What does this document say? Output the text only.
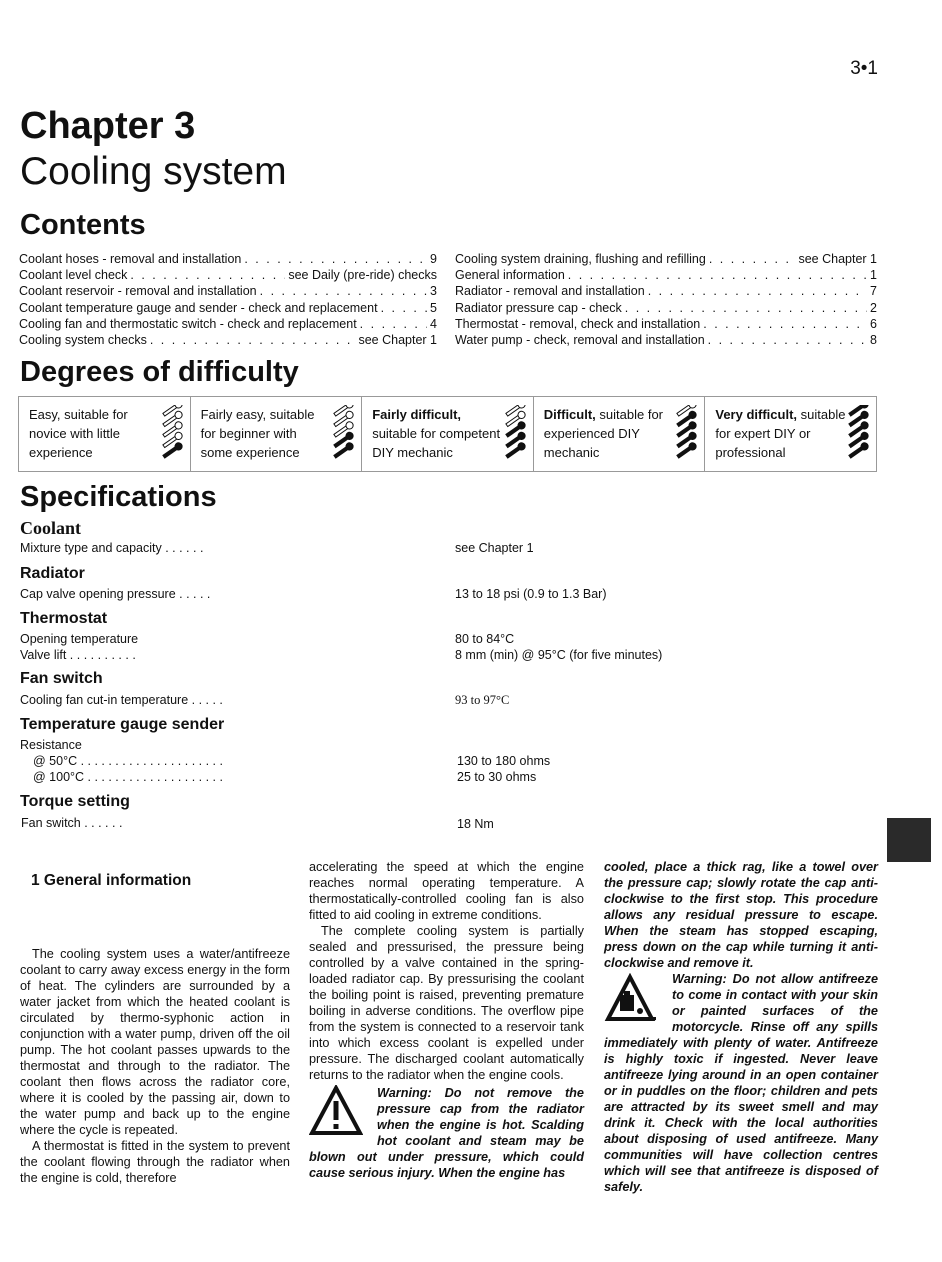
3•1
Chapter 3
Cooling system
Contents
Coolant hoses - removal and installation . . .	9
Coolant level check . . .	see Daily (pre-ride) checks
Coolant reservoir - removal and installation . . .	3
Coolant temperature gauge and sender - check and replacement . . .	5
Cooling fan and thermostatic switch - check and replacement . . .	4
Cooling system checks . . .	see Chapter 1
Cooling system draining, flushing and refilling . . .	see Chapter 1
General information . . .	1
Radiator - removal and installation . . .	7
Radiator pressure cap - check . . .	2
Thermostat - removal, check and installation . . .	6
Water pump - check, removal and installation . . .	8
Degrees of difficulty
Easy, suitable for novice with little experience
Fairly easy, suitable for beginner with some experience
Fairly difficult, suitable for competent DIY mechanic
Difficult, suitable for experienced DIY mechanic
Very difficult, suitable for expert DIY or professional
Specifications
Coolant
Mixture type and capacity . . . . . .	see Chapter 1
Radiator
Cap valve opening pressure . . . . .	13 to 18 psi (0.9 to 1.3 Bar)
Thermostat
Opening temperature	80 to 84°C
Valve lift . . . . . . . . . .	8 mm (min) @ 95°C (for five minutes)
Fan switch
Cooling fan cut-in temperature . . . . .	93 to 97°C
Temperature gauge sender
Resistance
@ 50°C . . . . . . . . . . . . . . . . . . . . .	130 to 180 ohms
@ 100°C . . . . . . . . . . . . . . . . . . . .	25 to 30 ohms
Torque setting
Fan switch . . . . . .	18 Nm
1 General information

The cooling system uses a water/antifreeze coolant to carry away excess energy in the form of heat. The cylinders are surrounded by a water jacket from which the heated coolant is circulated by thermo-syphonic action in conjunction with a water pump, driven off the oil pump. The hot coolant passes upwards to the thermostat and through to the radiator. The coolant then flows across the radiator core, where it is cooled by the passing air, down to the water pump and back up to the engine where the cycle is repeated.

A thermostat is fitted in the system to prevent the coolant flowing through the radiator when the engine is cold, therefore

accelerating the speed at which the engine reaches normal operating temperature. A thermostatically-controlled cooling fan is also fitted to aid cooling in extreme conditions.

The complete cooling system is partially sealed and pressurised, the pressure being controlled by a valve contained in the spring-loaded radiator cap. By pressurising the coolant the boiling point is raised, preventing premature boiling in adverse conditions. The overflow pipe from the system is connected to a reservoir tank into which excess coolant is expelled under pressure. The discharged coolant automatically returns to the radiator when the engine cools.

Warning: Do not remove the pressure cap from the radiator when the engine is hot. Scalding hot coolant and steam may be blown out under pressure, which could cause serious injury. When the engine has

cooled, place a thick rag, like a towel over the pressure cap; slowly rotate the cap anti-clockwise to the first stop. This procedure allows any residual pressure to escape. When the steam has stopped escaping, press down on the cap while turning it anti-clockwise and remove it.

Warning: Do not allow antifreeze to come in contact with your skin or painted surfaces of the motorcycle. Rinse off any spills immediately with plenty of water. Antifreeze is highly toxic if ingested. Never leave antifreeze lying around in an open container or in puddles on the floor; children and pets are attracted by its sweet smell and may drink it. Check with the local authorities about disposing of used antifreeze. Many communities will have collection centres which will see that antifreeze is disposed of safely.
